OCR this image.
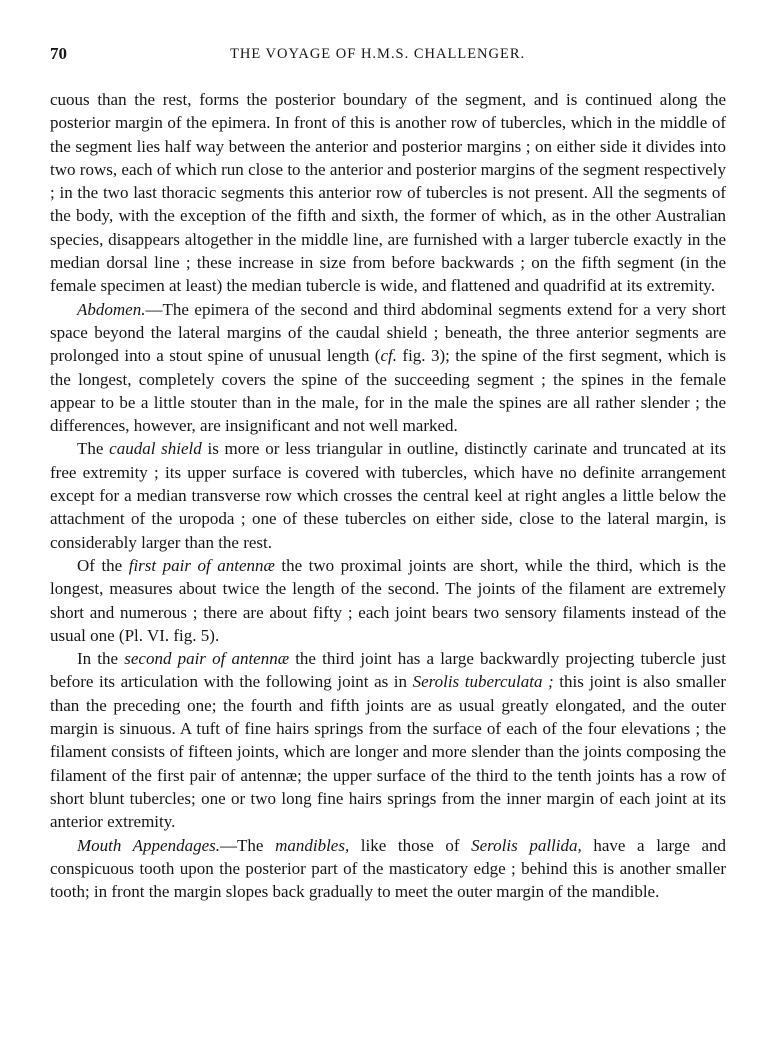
70	THE VOYAGE OF H.M.S. CHALLENGER.

cuous than the rest, forms the posterior boundary of the segment, and is continued along the posterior margin of the epimera. In front of this is another row of tubercles, which in the middle of the segment lies half way between the anterior and posterior margins ; on either side it divides into two rows, each of which run close to the anterior and posterior margins of the segment respectively ; in the two last thoracic segments this anterior row of tubercles is not present. All the segments of the body, with the exception of the fifth and sixth, the former of which, as in the other Australian species, disappears altogether in the middle line, are furnished with a larger tubercle exactly in the median dorsal line ; these increase in size from before backwards ; on the fifth segment (in the female specimen at least) the median tubercle is wide, and flattened and quadrifid at its extremity.

Abdomen.—The epimera of the second and third abdominal segments extend for a very short space beyond the lateral margins of the caudal shield ; beneath, the three anterior segments are prolonged into a stout spine of unusual length (cf. fig. 3); the spine of the first segment, which is the longest, completely covers the spine of the succeeding segment ; the spines in the female appear to be a little stouter than in the male, for in the male the spines are all rather slender ; the differences, however, are insignificant and not well marked.

The caudal shield is more or less triangular in outline, distinctly carinate and truncated at its free extremity ; its upper surface is covered with tubercles, which have no definite arrangement except for a median transverse row which crosses the central keel at right angles a little below the attachment of the uropoda ; one of these tubercles on either side, close to the lateral margin, is considerably larger than the rest.

Of the first pair of antennæ the two proximal joints are short, while the third, which is the longest, measures about twice the length of the second. The joints of the filament are extremely short and numerous ; there are about fifty ; each joint bears two sensory filaments instead of the usual one (Pl. VI. fig. 5).

In the second pair of antennæ the third joint has a large backwardly projecting tubercle just before its articulation with the following joint as in Serolis tuberculata ; this joint is also smaller than the preceding one; the fourth and fifth joints are as usual greatly elongated, and the outer margin is sinuous. A tuft of fine hairs springs from the surface of each of the four elevations ; the filament consists of fifteen joints, which are longer and more slender than the joints composing the filament of the first pair of antennæ; the upper surface of the third to the tenth joints has a row of short blunt tubercles; one or two long fine hairs springs from the inner margin of each joint at its anterior extremity.

Mouth Appendages.—The mandibles, like those of Serolis pallida, have a large and conspicuous tooth upon the posterior part of the masticatory edge ; behind this is another smaller tooth; in front the margin slopes back gradually to meet the outer margin of the mandible.
